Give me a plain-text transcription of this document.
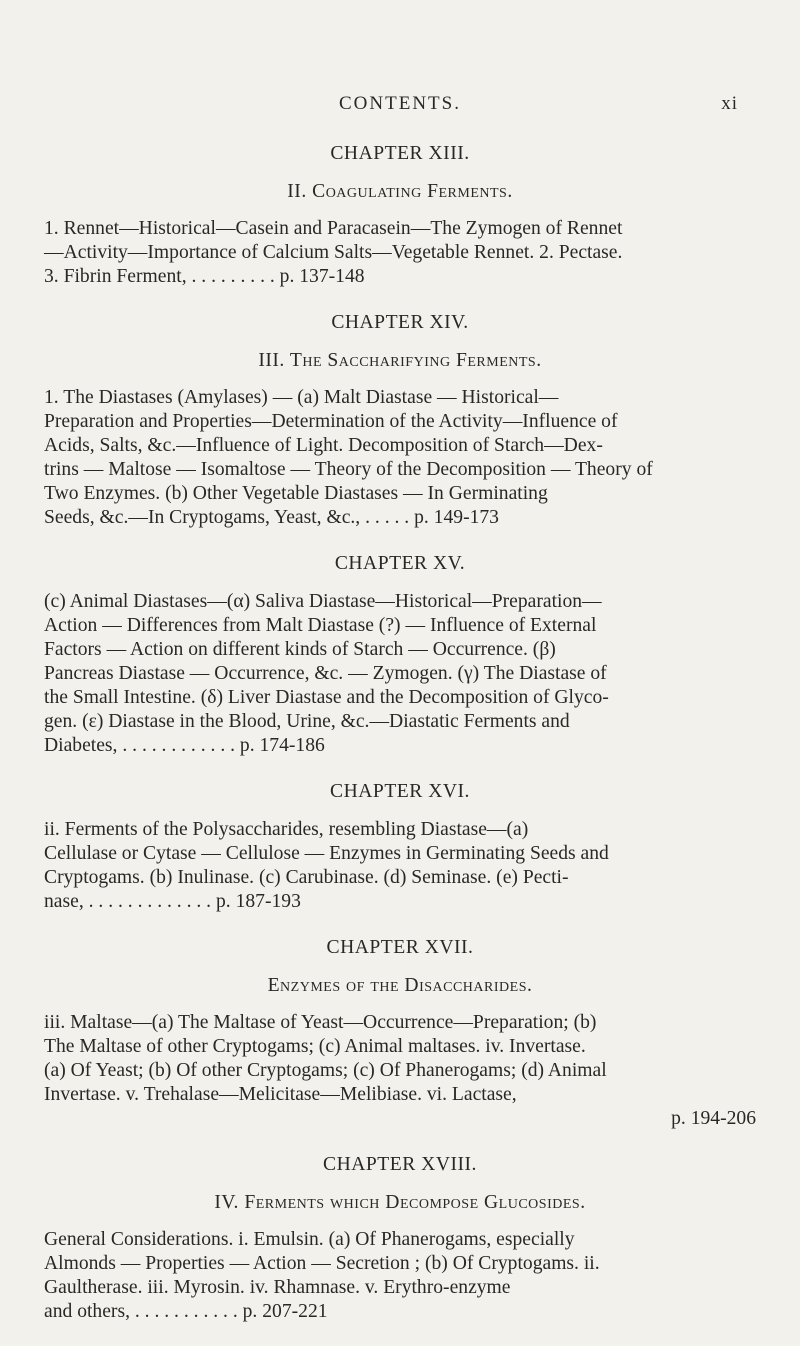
CONTENTS.	xi
CHAPTER XIII.
II. Coagulating Ferments.
1. Rennet—Historical—Casein and Paracasein—The Zymogen of Rennet
—Activity—Importance of Calcium Salts—Vegetable Rennet. 2. Pectase.
3. Fibrin Ferment, . . . . . . . . . p. 137-148
CHAPTER XIV.
III. The Saccharifying Ferments.
1. The Diastases (Amylases) — (a) Malt Diastase — Historical—
Preparation and Properties—Determination of the Activity—Influence of
Acids, Salts, &c.—Influence of Light. Decomposition of Starch—Dex-
trins — Maltose — Isomaltose — Theory of the Decomposition — Theory of
Two Enzymes. (b) Other Vegetable Diastases — In Germinating
Seeds, &c.—In Cryptogams, Yeast, &c., . . . . . p. 149-173
CHAPTER XV.
(c) Animal Diastases—(α) Saliva Diastase—Historical—Preparation—
Action — Differences from Malt Diastase (?) — Influence of External
Factors — Action on different kinds of Starch — Occurrence. (β)
Pancreas Diastase — Occurrence, &c. — Zymogen. (γ) The Diastase of
the Small Intestine. (δ) Liver Diastase and the Decomposition of Glyco-
gen. (ε) Diastase in the Blood, Urine, &c.—Diastatic Ferments and
Diabetes, . . . . . . . . . . . . p. 174-186
CHAPTER XVI.
ii. Ferments of the Polysaccharides, resembling Diastase—(a)
Cellulase or Cytase — Cellulose — Enzymes in Germinating Seeds and
Cryptogams. (b) Inulinase. (c) Carubinase. (d) Seminase. (e) Pecti-
nase, . . . . . . . . . . . . . p. 187-193
CHAPTER XVII.
Enzymes of the Disaccharides.
iii. Maltase—(a) The Maltase of Yeast—Occurrence—Preparation; (b)
The Maltase of other Cryptogams; (c) Animal maltases. iv. Invertase.
(a) Of Yeast; (b) Of other Cryptogams; (c) Of Phanerogams; (d) Animal
Invertase. v. Trehalase—Melicitase—Melibiase. vi. Lactase,
p. 194-206
CHAPTER XVIII.
IV. Ferments which Decompose Glucosides.
General Considerations. i. Emulsin. (a) Of Phanerogams, especially
Almonds — Properties — Action — Secretion ; (b) Of Cryptogams. ii.
Gaultherase. iii. Myrosin. iv. Rhamnase. v. Erythro-enzyme
and others, . . . . . . . . . . . p. 207-221
